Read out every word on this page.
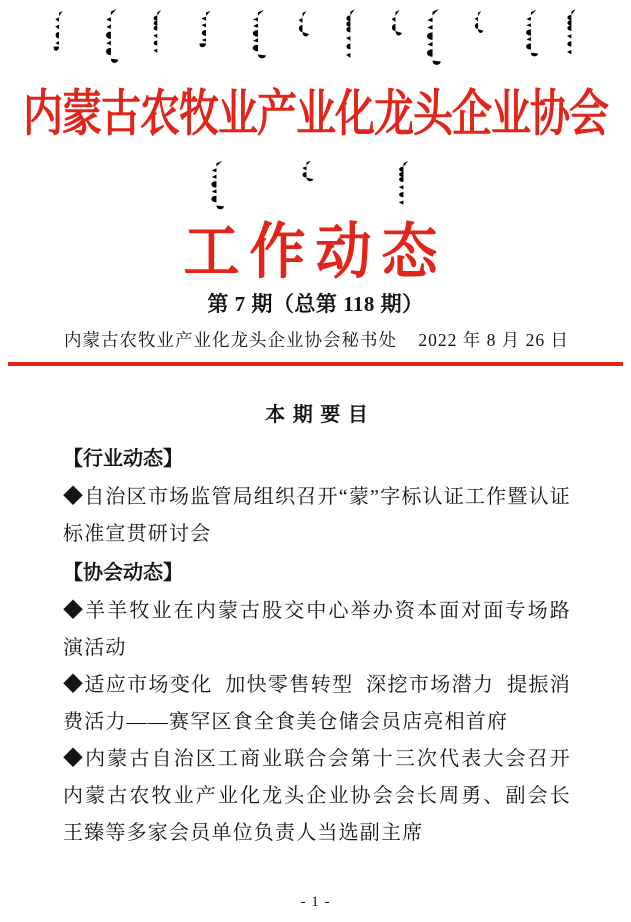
内蒙古农牧业产业化龙头企业协会
工作动态
第 7 期（总第 118 期）
内蒙古农牧业产业化龙头企业协会秘书处 2022 年 8 月 26 日
本 期 要 目
【行业动态】

◆自治区市场监管局组织召开“蒙”字标认证工作暨认证标准宣贯研讨会

【协会动态】

◆羊羊牧业在内蒙古股交中心举办资本面对面专场路演活动

◆适应市场变化  加快零售转型  深挖市场潜力  提振消费活力——赛罕区食全食美仓储会员店亮相首府

◆内蒙古自治区工商业联合会第十三次代表大会召开内蒙古农牧业产业化龙头企业协会会长周勇、副会长王臻等多家会员单位负责人当选副主席

- 1 -
